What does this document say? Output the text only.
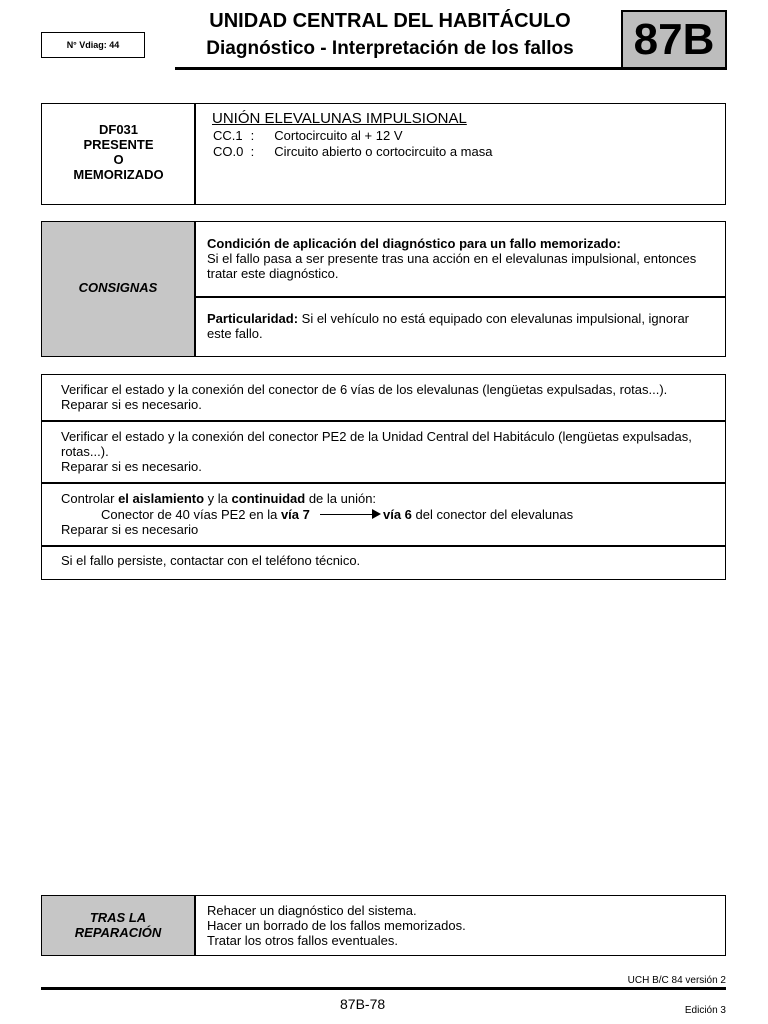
N° Vdiag: 44
UNIDAD CENTRAL DEL HABITÁCULO
Diagnóstico - Interpretación de los fallos	87B
DF031
PRESENTE
O
MEMORIZADO
UNIÓN ELEVALUNAS IMPULSIONAL
CC.1 : Cortocircuito al + 12 V
CO.0 : Circuito abierto o cortocircuito a masa
CONSIGNAS
Condición de aplicación del diagnóstico para un fallo memorizado:
Si el fallo pasa a ser presente tras una acción en el elevalunas impulsional, entonces
tratar este diagnóstico.
Particularidad: Si el vehículo no está equipado con elevalunas impulsional, ignorar
este fallo.
Verificar el estado y la conexión del conector de 6 vías de los elevalunas (lengüetas expulsadas, rotas...).
Reparar si es necesario.
Verificar el estado y la conexión del conector PE2 de la Unidad Central del Habitáculo (lengüetas expulsadas,
rotas...).
Reparar si es necesario.
Controlar el aislamiento y la continuidad de la unión:
Conector de 40 vías PE2 en la vía 7	vía 6 del conector del elevalunas
Reparar si es necesario
Si el fallo persiste, contactar con el teléfono técnico.
TRAS LA
REPARACIÓN
Rehacer un diagnóstico del sistema.
Hacer un borrado de los fallos memorizados.
Tratar los otros fallos eventuales.
UCH B/C 84 versión 2
87B-78	Edición 3
